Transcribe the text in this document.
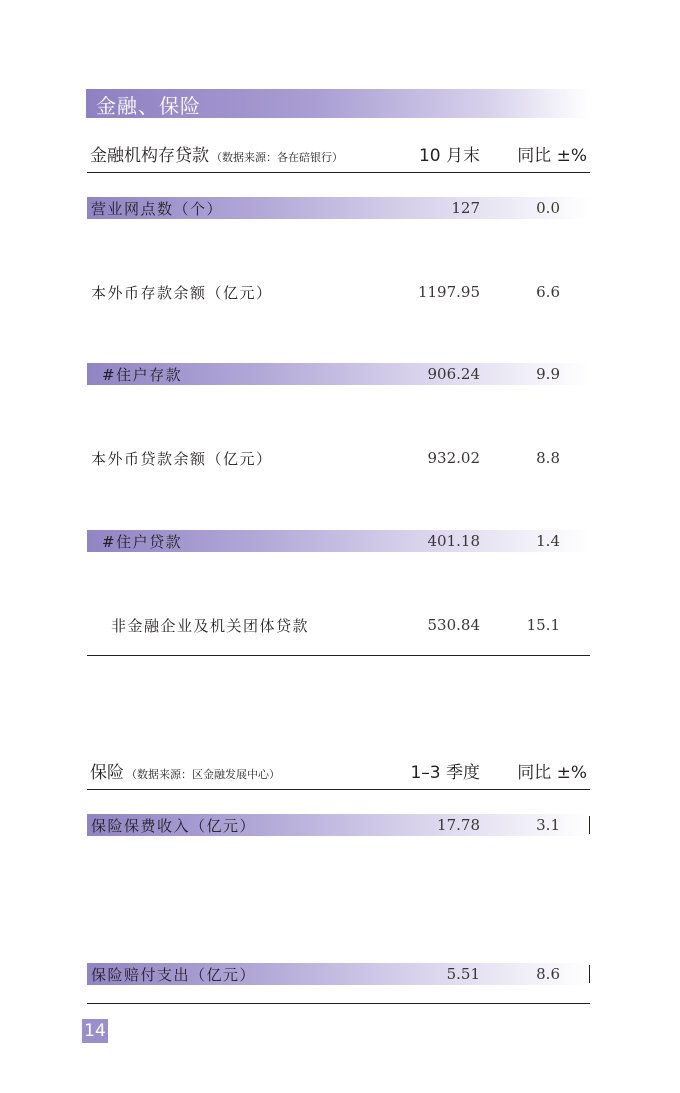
金融、保险
金融机构存贷款 （数据来源：各在碚银行）	10 月末 同比 ±%
营业网点数（个）	127	0.0
本外币存款余额（亿元）	1197.95	6.6
#住户存款	906.24	9.9
本外币贷款余额（亿元）	932.02	8.8
#住户贷款	401.18	1.4
非金融企业及机关团体贷款	530.84	15.1
保险 （数据来源：区金融发展中心）	1–3 季度 同比 ±%
保险保费收入（亿元）	17.78	3.1
保险赔付支出（亿元）	5.51	8.6
14
